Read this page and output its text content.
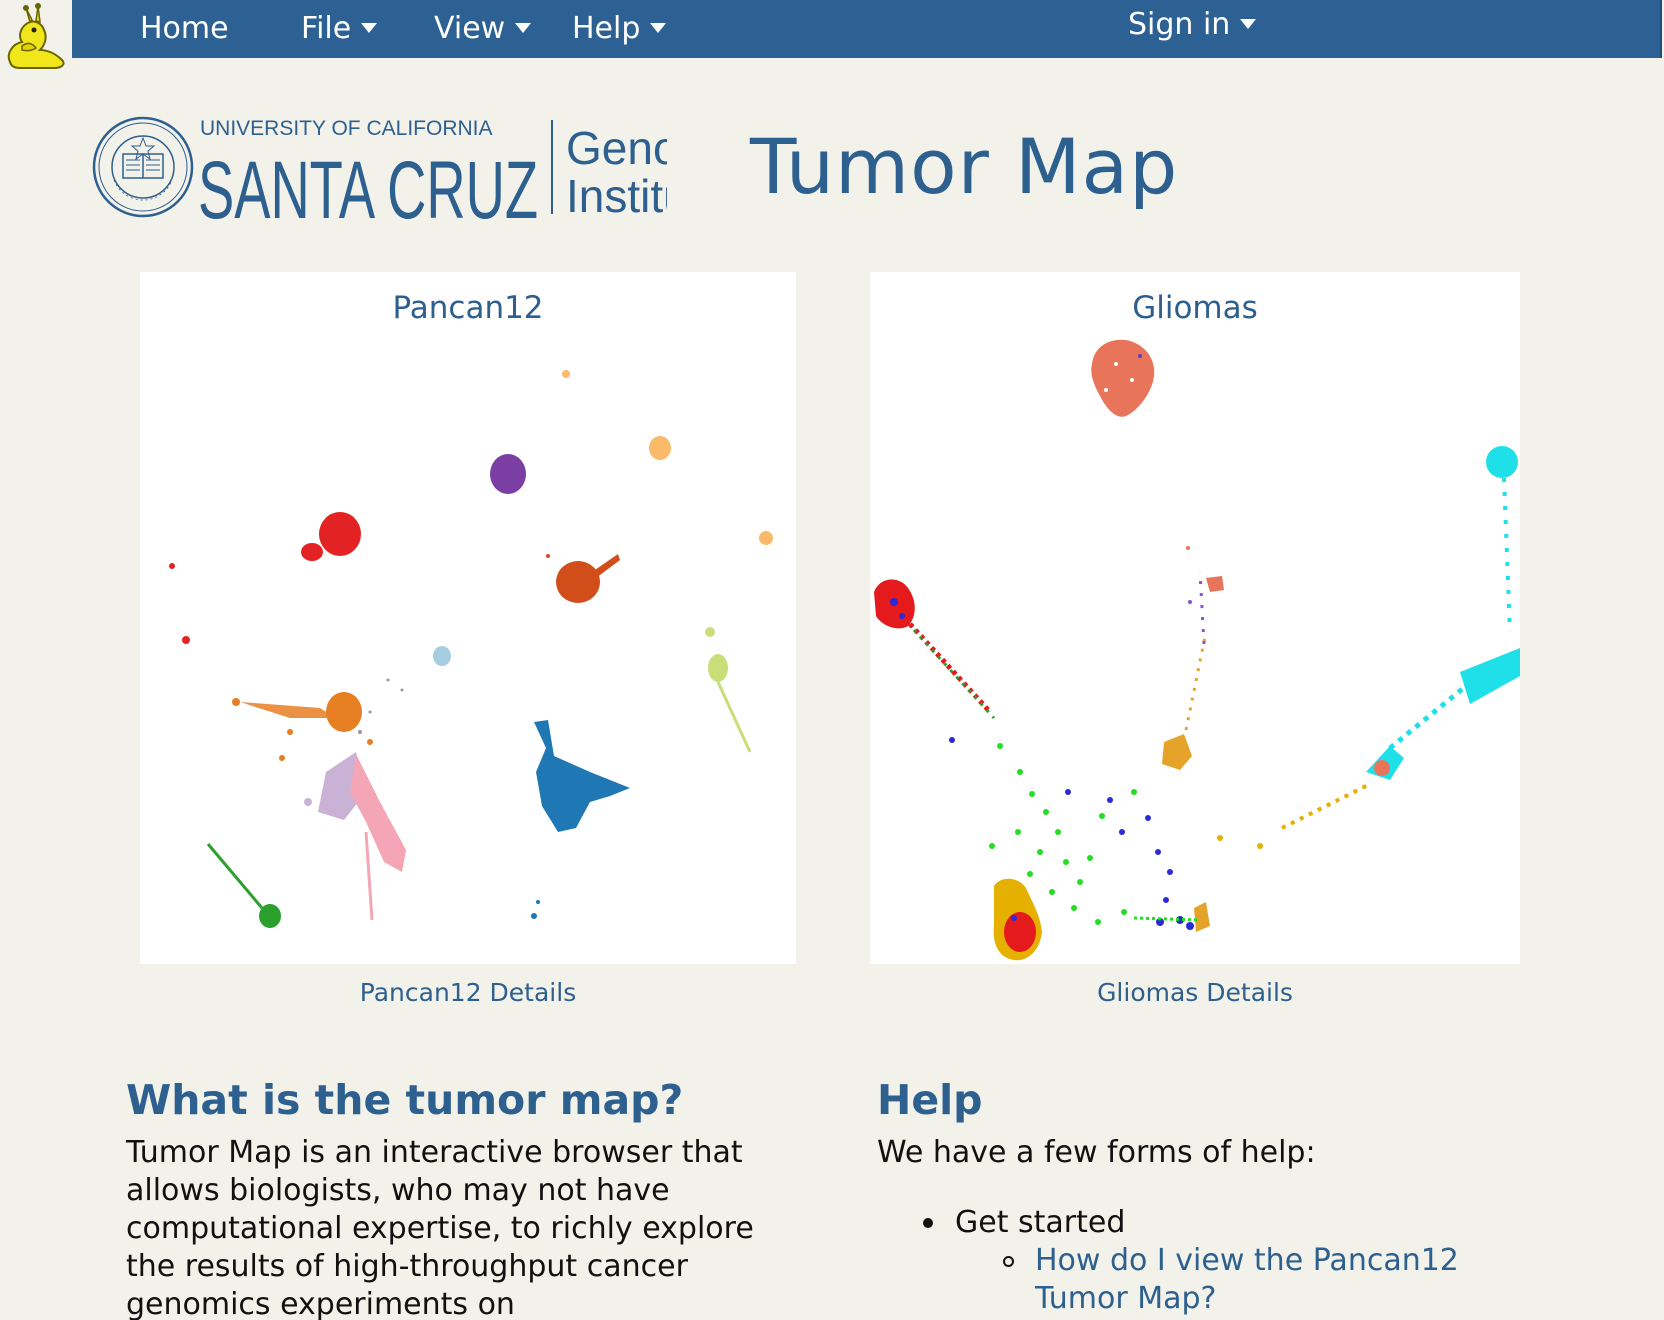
Home File	View	Help	Sign in
UNIVERSITY OF CALIFORNIA
SANTA CRUZ Geno
Instit	Tumor Map
Pancan12
Pancan12 Details
Gliomas
Gliomas Details
What is the tumor map?
Tumor Map is an interactive browser that allows biologists, who may not have computational expertise, to richly explore the results of high-throughput cancer genomics experiments on
Help
We have a few forms of help:
Get started
How do I view the Pancan12 Tumor Map?
